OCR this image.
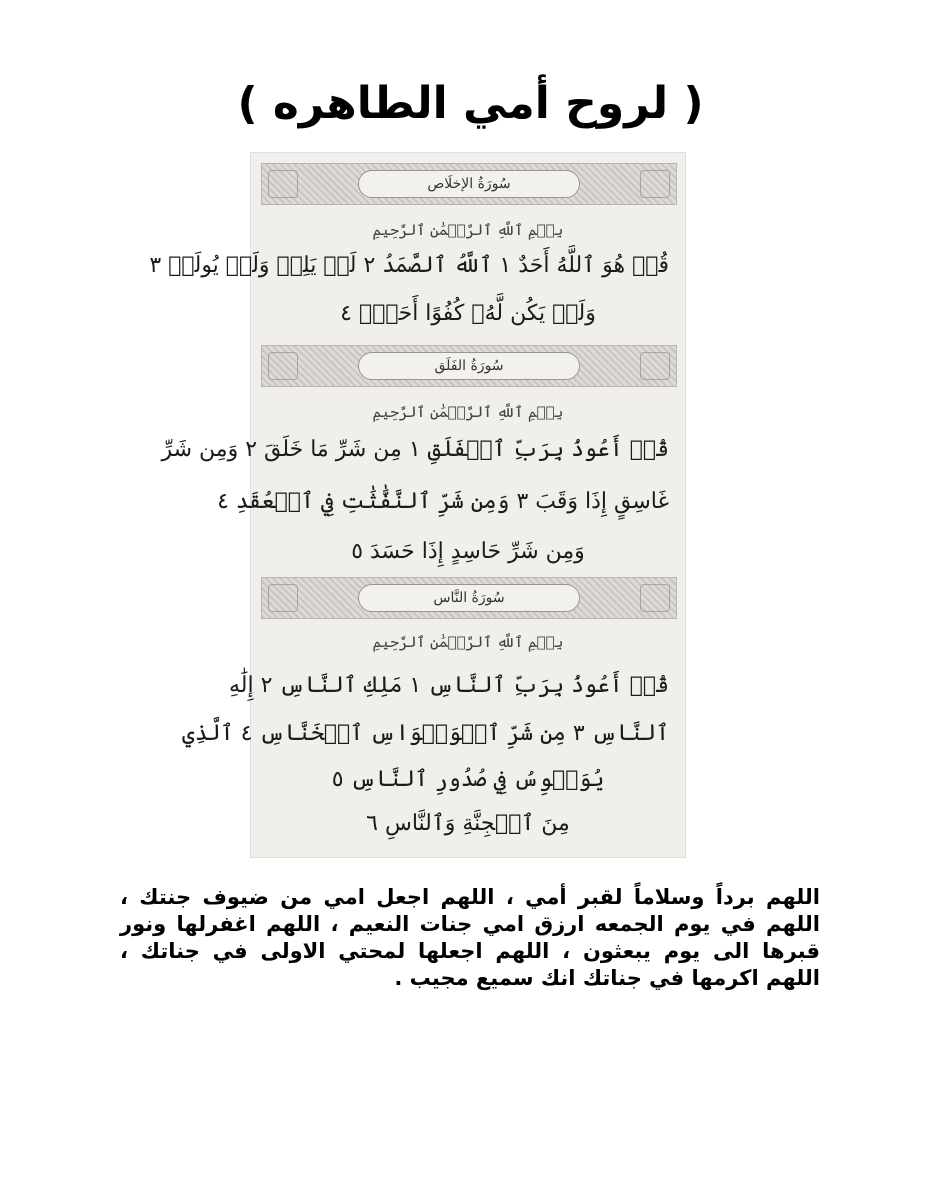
( لروح أمي الطاهره )
سُورَةُ الإخلَاص
بِسۡمِ ٱللَّهِ ٱلرَّحۡمَٰنِ ٱلرَّحِيمِ
قُلۡ هُوَ ٱللَّهُ أَحَدٌ ١ ٱللَّهُ ٱلصَّمَدُ ٢ لَمۡ يَلِدۡ وَلَمۡ يُولَدۡ ٣
وَلَمۡ يَكُن لَّهُۥ كُفُوًا أَحَدُۢ ٤
سُورَةُ الفَلَق
بِسۡمِ ٱللَّهِ ٱلرَّحۡمَٰنِ ٱلرَّحِيمِ
قُلۡ أَعُوذُ بِرَبِّ ٱلۡفَلَقِ ١ مِن شَرِّ مَا خَلَقَ ٢ وَمِن شَرِّ
غَاسِقٍ إِذَا وَقَبَ ٣ وَمِن شَرِّ ٱلنَّفَّٰثَٰتِ فِي ٱلۡعُقَدِ ٤
وَمِن شَرِّ حَاسِدٍ إِذَا حَسَدَ ٥
سُورَةُ النَّاس
بِسۡمِ ٱللَّهِ ٱلرَّحۡمَٰنِ ٱلرَّحِيمِ
قُلۡ أَعُوذُ بِرَبِّ ٱلنَّاسِ ١ مَلِكِ ٱلنَّاسِ ٢ إِلَٰهِ
ٱلنَّاسِ ٣ مِن شَرِّ ٱلۡوَسۡوَاسِ ٱلۡخَنَّاسِ ٤ ٱلَّذِي
يُوَسۡوِسُ فِي صُدُورِ ٱلنَّاسِ ٥
مِنَ ٱلۡجِنَّةِ وَٱلنَّاسِ ٦
اللهم برداً وسلاماً لقبر أمي ، اللهم اجعل امي من ضيوف جنتك ، اللهم في يوم الجمعه ارزق امي جنات النعيم ، اللهم اغفرلها ونور قبرها الى يوم يبعثون ، اللهم اجعلها لمحتي الاولى في جناتك ، اللهم اكرمها في جناتك انك سميع مجيب .
